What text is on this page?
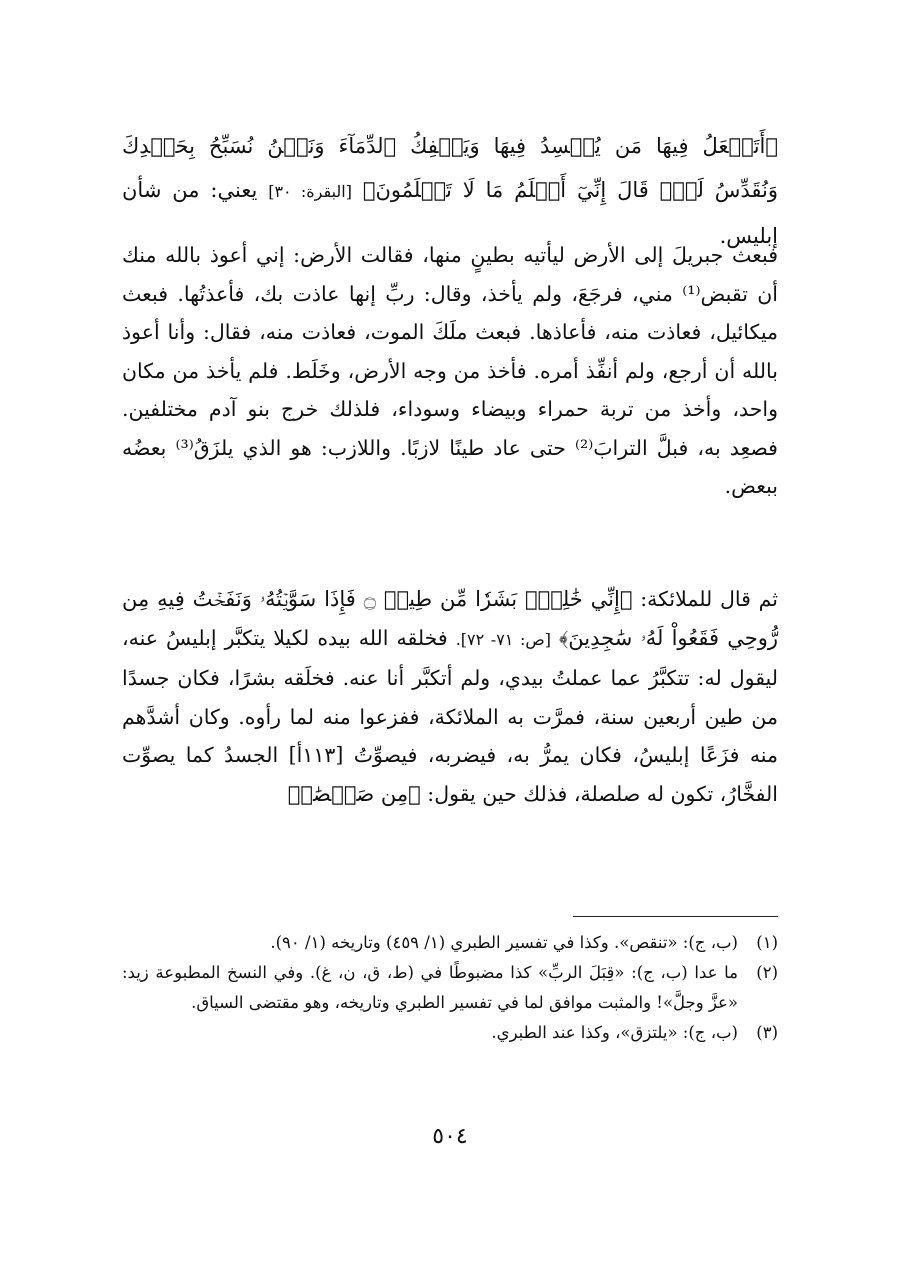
﴿أَتَجۡعَلُ فِيهَا مَن يُفۡسِدُ فِيهَا وَيَسۡفِكُ ٱلدِّمَآءَ وَنَحۡنُ نُسَبِّحُ بِحَمۡدِكَ وَنُقَدِّسُ لَكَۖ قَالَ إِنِّيٓ أَعۡلَمُ مَا لَا تَعۡلَمُونَ﴾ [البقرة: ٣٠] يعني: من شأن إبليس.
فبعث جبريلَ إلى الأرض ليأتيه بطينٍ منها، فقالت الأرض: إني أعوذ بالله منك أن تقبض⁽¹⁾ مني، فرجَعَ، ولم يأخذ، وقال: ربِّ إنها عاذت بك، فأعذتُها. فبعث ميكائيل، فعاذت منه، فأعاذها. فبعث ملَكَ الموت، فعاذت منه، فقال: وأنا أعوذ بالله أن أرجع، ولم أنفِّذ أمره. فأخذ من وجه الأرض، وخَلَط. فلم يأخذ من مكان واحد، وأخذ من تربة حمراء وبيضاء وسوداء، فلذلك خرج بنو آدم مختلفين. فصعِد به، فبلَّ الترابَ⁽²⁾ حتى عاد طينًا لازبًا. واللازب: هو الذي يلزَقُ⁽³⁾ بعضُه ببعض.
ثم قال للملائكة: ﴿إِنِّي خَٰلِقُۢ بَشَرٗا مِّن طِينٖ ۝ فَإِذَا سَوَّيۡتُهُۥ وَنَفَخۡتُ فِيهِ مِن رُّوحِي فَقَعُواْ لَهُۥ سَٰجِدِينَ﴾ [ص: ٧١- ٧٢]. فخلقه الله بيده لكيلا يتكبَّر إبليسُ عنه، ليقول له: تتكبَّرُ عما عملتُ بيدي، ولم أتكبَّر أنا عنه. فخلَقه بشرًا، فكان جسدًا من طين أربعين سنة، فمرَّت به الملائكة، ففزعوا منه لما رأوه. وكان أشدَّهم منه فزَعًا إبليسُ، فكان يمرُّ به، فيضربه، فيصوِّتُ [١١٣أ] الجسدُ كما يصوِّت الفخَّارُ، تكون له صلصلة، فذلك حين يقول: ﴿مِن صَلۡصَٰلٖ
(١)
(ب، ج): «تنقص». وكذا في تفسير الطبري (١/ ٤٥٩) وتاريخه (١/ ٩٠).
(٢)
ما عدا (ب، ج): «قِبَلَ الربِّ» كذا مضبوطًا في (ط، ق، ن، غ). وفي النسخ المطبوعة زيد: «عزَّ وجلَّ»! والمثبت موافق لما في تفسير الطبري وتاريخه، وهو مقتضى السياق.
(٣)
(ب، ج): «يلتزق»، وكذا عند الطبري.
٥٠٤
